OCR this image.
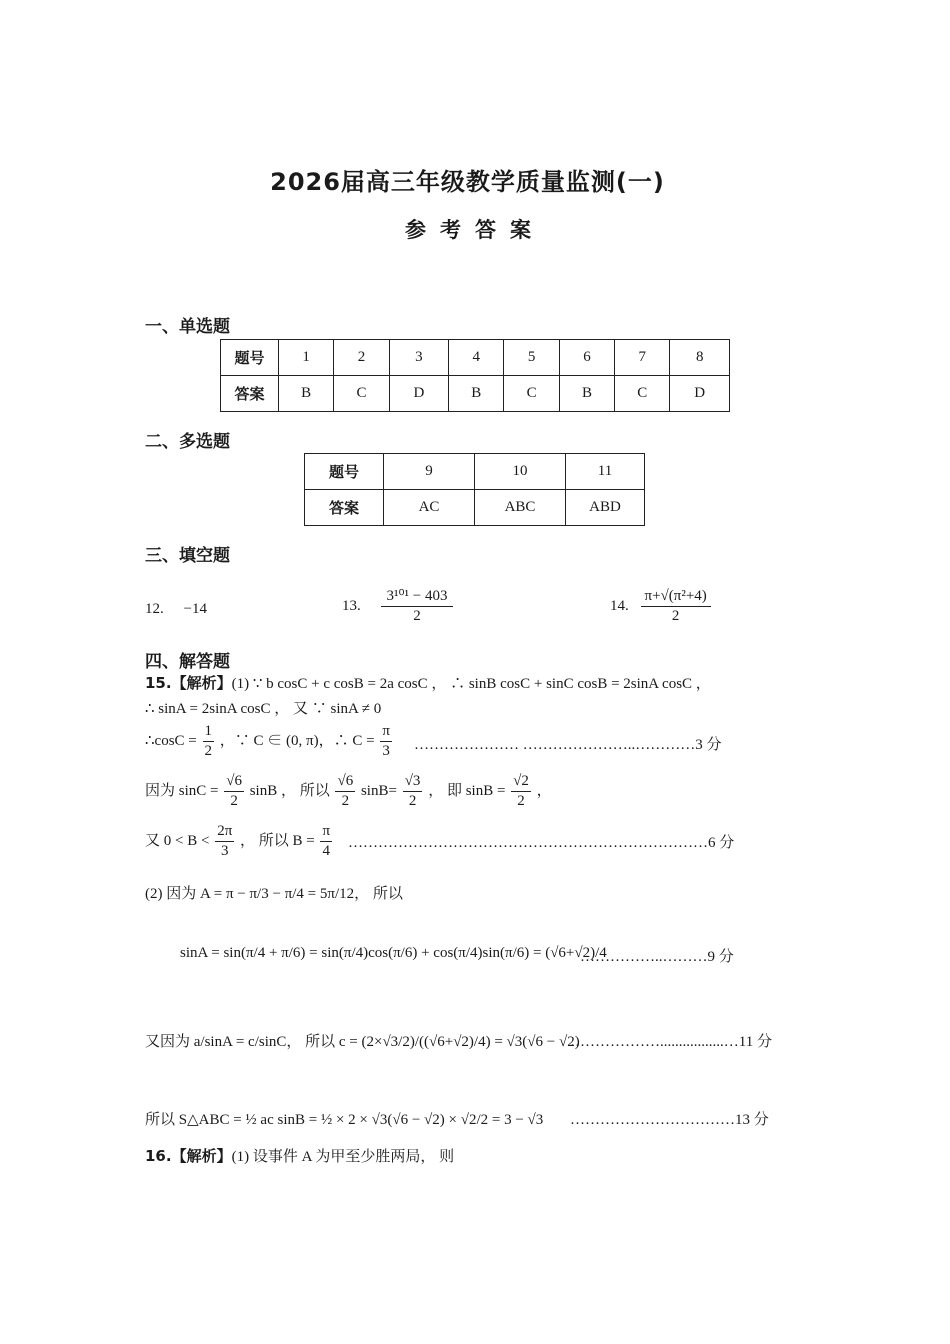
2026届高三年级教学质量监测(一)
参考答案
一、单选题
题号	1	2	3	4	5	6	7	8
答案	B	C	D	B	C	B	C	D
二、多选题
题号	9	10	11
答案	AC	ABC	ABD
三、填空题
12. −14	13. $\frac{\text{3¹⁰¹ − 403}}{2}$	14. $\frac{\text{π+√(π²+4)}}{2}$
四、解答题
15.【解析】(1) ∵ b cosC + c cosB = 2a cosC ， ∴ sinB cosC + sinC cosB = 2sinA cosC ，
∴ sinA = 2sinA cosC ， 又 ∵ sinA ≠ 0
∴cosC = $\frac{1}{2}$ ，∵ C ∈ (0, π)，∴ $C = \frac{\pi}{3}$ ………………… …………………..…………3 分
因为 $\sin C = \frac{√6}{2}$ sinB ， 所以 $\frac{√6}{2} \sin B= \frac{√3}{2}$ ， 即 $\sin B = \frac{√2}{2}$ ，
又 $0 < B < \frac{2\pi}{3}$ ， 所以 $B = \frac{\pi}{4}$ ………………………………………………………………6 分
(2) 因为 A = π − π/3 − π/4 = 5π/12， 所以
sinA = sin(π/4 + π/6) = sin(π/4)cos(π/6) + cos(π/4)sin(π/6) = (√6+√2)/4
……………..………9 分
又因为 a/sinA = c/sinC， 所以 c = (2×√3/2)/((√6+√2)/4) = √3(√6 − √2)
……………….................…11 分
所以 S△ABC = ½ ac sinB = ½ × 2 × √3(√6 − √2) × √2/2 = 3 − √3 ……………………………13 分
16.【解析】(1) 设事件 A 为甲至少胜两局， 则
